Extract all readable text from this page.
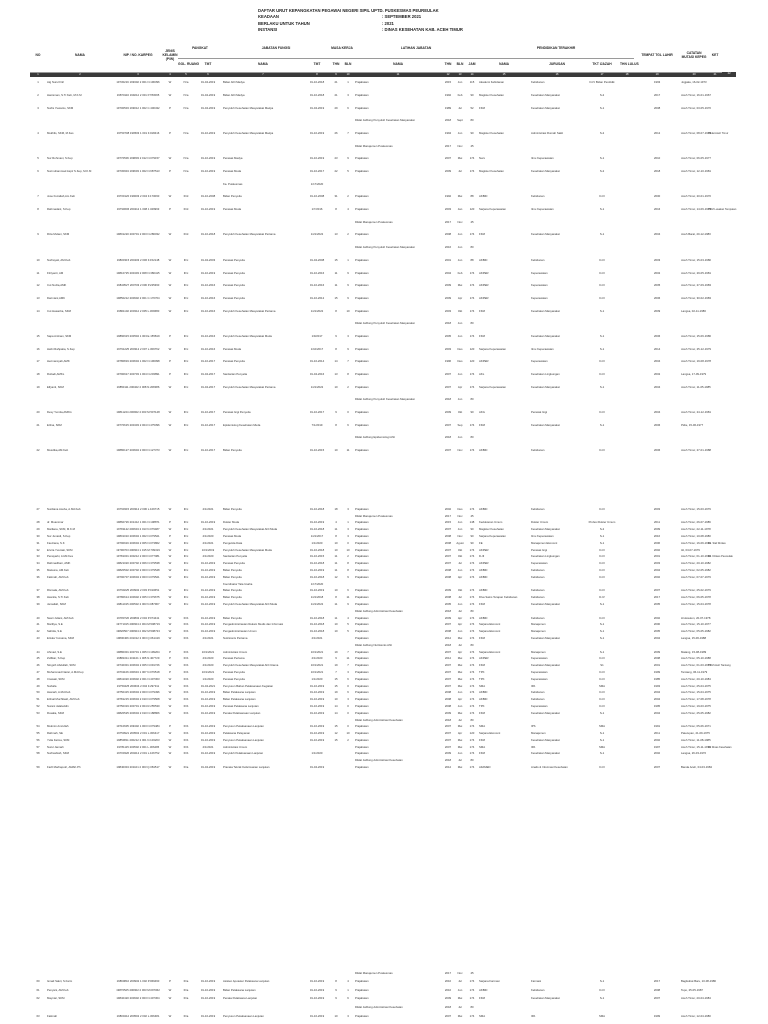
DAFTAR URUT KEPANGKATAN PEGAWAI NEGERI SIPIL UPTD. PUSKESMAS PEUREULAK
KEADAAN	: SEPTEMBER 2021
BERLAKU UNTUK TAHUN	: 2021
INSTANSI	: DINAS KESEHATAN KAB. ACEH TIMUR
NO	NAMA	NIP / NO. KARPEG	JENIS KELAMIN (P/W)	PANGKAT		JABATAN FUNGSI		MASA KERJA		LATIHAN JABATAN				PENDIDIKAN TERAKHIR				TEMPAT TGL LAHIR	CATATAN MUTASI KEPEG	KET	
				GOL. RUANG	TMT	NAMA	TMT	THN	BLN	NAMA	THN	BLN	JAM	NAMA	JURUSAN	TKT IJAZAH	THN LULUS				
1	2	3	4	5	6	7	8	9	10	11	12	13	14	15	16	17	18	19	20	21	22
1	Atg Nurul Fitri	19730216 199302 2 001 N.196396	W	IV/a	01-04-2019	Bidan Ahli Madya	01-10-2018	21	1	Prajabatan	2015	Jun	115	Akademi Kebidanan	Kebidanan	D-IV Bidan Pendidik		1993	Jogjaka, 16-02-1973		
2	Hanisman, S.Tr.Keb, M.K.M	19870116 199212 2 001 P.783095	W	IV/a	01-04-2019	Bidan Ahli Madya	01-10-2018	21	3	Prajabatan	1992	Feb	90	Magister Kesehatan	Kesehatan Masyarakat	S-2		2017	Aceh Timur, 16-01-1967		
3	Nurlis Yuwanto, SKM	19700503 199012 1 002 C.400432	P	IV/a	01-04-2019	Penyuluh Kesehatan Masyarakat Madya	01-04-2019	29	6	Prajabatan	1989	Jul	52	FKM	Kesehatan Masyarakat	S-1		2008	Aceh Timur, 03-05-1970		
										Diklat Jabfung Penyuluh Kesehatan Masyarakat	2018	Sept	80								
4	Mukhlis, SKM, M.Kes	19750708 199503 1 001 F.018416	P	IV/a	01-10-2019	Penyuluh Kesehatan Masyarakat Madya	01-10-2019	26	7	Prajabatan	1994	Jun	90	Magister Kesehatan	Administrasi Rumah Sakit	S-2		2012	Aceh Timur, 08-07-1975	Diklat Aceh Timur	
										Diklat Manajemen Puskesmas	2017	Nov	45								
5	Nur Rohmani, S.Kep	19770506 199803 2 012 N.079157	W	IV/a	01-10-2019	Perawat Madya	01-10-2019	23	9	Prajabatan	2007	Mei	174	Ners	Ilmu Keperawatan	S-1		2010	Aceh Timur, 06-05-1977		
6	Nurmuhammad Aspir S.Kep, M.K.M	19730904 199603 1 002 N.687513	P	IV/a	01-10-2019	Perawat Muda	01-10-2017	22	5	Prajabatan	2009	Jul	174	Magister Kesehatan	Kesehatan Masyarakat	S-2		2018	Aceh Timur, 12-10-1981		
						Ka. Puskesmas	1/17/2020														
7	Jose Fuzailah,Am.Keb	19700120 199003 2 004 F.170060	W	III/d	01-10-2008	Bidan Penyelia	01-10-2008	31	2	Prajabatan	1992	Mei	88	AKBID	Kebidanan	D-III		2000	Aceh Timur, 20-01-1970		
8	Rahmadani, S.Kep	19790606 200212 1 008 J.349963	P	III/d	01-10-2019	Perawat Muda	1/7/2016	8	4	Prajabatan	2003	Jan	120	Sarjana Keperawatan	Ilmu Keperawatan	S-1		2016	Aceh Timur, 14-06-1979	PKM Lusakan Tempatan	
										Diklat Manajemen Puskesmas	2017	Nov	45								
9	Riza Mulani, SKM	19801220 200701 2 003 N.286032	W	III/d	01-10-2018	Penyuluh Kesehatan Masyarakat Pertama	1/21/2022	13	2	Prajabatan	2008	Jun	174	FKM	Kesehatan Masyarakat	S-1		2004	Aceh Barat, 20-12-1980		
										Diklat Jabfung Penyuluh Kesehatan Masyarakat	2016	Jun	80								
10	Nurhayati, AM.Keb	19800315 200203 2 006 F.152148	W	III/c	01-04-2003	Perawat Penyelia	01-04-2008	15	1	Prajabatan	2001	Jun	88	AKBID	Kebidanan	D-III		2003	Aceh Timur, 15-03-1980		
11	Fitriyanti, AM	19810725 200403 2 008 N.380415	W	III/c	01-10-2019	Perawat Penyelia	01-10-2016	11	9	Prajabatan	2004	Feb	174	AKPER	Keperawatan	D-III		2002	Aceh Timur, 29-05-1981		
12	Cut Nurlia,AMK	19840527 200703 2 006 P.225360	W	III/c	01-10-2016	Perawat Penyelia	01-10-2016	11	9	Prajabatan	2009	Mei	174	AKPER	Keperawatan	D-III		2005	Aceh Timur, 27-09-1983		
13	Darmiani,AMK	19850212 200902 2 001 C.170704	W	III/c	01-10-2016	Perawat Penyelia	01-10-2012	15	9	Prajabatan	2009	Apr	174	AKPER	Keperawatan	D-III		2006	Aceh Timur, 30-02-1983		
14	Cut Hasanba, SKM	19861102 200312 2 005 L.309680	W	III/c	01-10-2016	Penyuluh Kesehatan Masyarakat Pertama	1/21/2022	8	10	Prajabatan	2003	Okt	174	FKM	Kesehatan Masyarakat	S-1		2009	Langsa, 02-11-1986		
										Diklat Jabfung Penyuluh Kesehatan Masyarakat	2018	Jun	80								
15	Sapa Antinan, SKM	19860615 200502 1 003 E.155819	P	III/c	01-10-2016	Penyuluh Kesehatan Masyarakat Muda	1/9/2017	9	3	Prajabatan	2005	Jun	174	FKM	Kesehatan Masyarakat	S-1		2006	Aceh Timur, 15-06-1986		
16	Hafni Rahpatia, S.Kep	19791225 200312 2 007 L.309762	W	III/c	01-10-2016	Perawat Muda	1/10/2017	8	9	Prajabatan	2003	Des	120	Sarjana Keperawatan	Ilmu Keperawatan	S-1		2014	Aceh Timur, 25-12-1979		
17	Hermansyah,AMK	19780819 200604 1 002 N.196098	P	III/c	01-10-2017	Perawat Penyelia	01-10-2014	14	7	Prajabatan	1996	Des	120	AKPER	Keperawatan	D-III		2004	Aceh Timur, 19-08-1978		
18	Rohadi,AMKL	19790917 200703 1 004 N.203891	P	III/c	01-04-2017	Sanitarian Penyelia	01-04-2016	13	8	Prajabatan	2007	Jun	174	AKL	Kesehatan Lingkungan	D-III		2002	Langsa, 17-09-1979		
19	Elfyanti, SKM	19850111 200402 2 008 N.208386	W	III/c	01-04-2017	Penyuluh Kesehatan Masyarakat Pertama	1/21/2022	10	2	Prajabatan	2007	Apr	174	Sarjana Keperawatan	Kesehatan Masyarakat	S-1		2004	Aceh Timur, 11-05-1985		
										Diklat Jabfung Penyuluh Kesehatan Masyarakat	2018	Jun	80								
20	Desy Yumita,AMKG	19811224 200902 2 003 M.507148	W	III/c	01-10-2017	Perawat Gigi Penyelia	01-10-2017	9	0	Prajabatan	2009	Okt	90	AKG	Perawat Gigi	D-III		2004	Aceh Timur, 24-12-1981		
21	Erlina, SKM	19770615 200403 2 004 N.475396	W	III/c	01-10-2017	Epidemiolog Kesehatan Muda	7/1/2019	8	6	Prajabatan	2007	Sep	174	FKM	Kesehatan Masyarakat	S-1		2006	Pidie, 15-06-1977		
										Diklat Jabfung Epidemiologi Ahli	2018	Jun	80								
22	Musdika,AM.Keb	19880127 200904 2 003 N.127373	W	III/c	01-10-2017	Bidan Penyelia	01-10-2015	10	11	Prajabatan	2007	Nov	174	AKBID	Kebidanan	D-III		2006	Aceh Timur, 27-01-1988		

27	Nurdiana Aceha, A.Md.Keb	19790315 200312 2 006 L.109715	W	III/c	4/1/2021	Bidan Penyelia	01-10-2018	18	3	Prajabatan	2002	Des	174	AKBID	Kebidanan	D-III		2003	Aceh Timur, 15-03-1979		
										Diklat Manajemen Puskesmas	2017	Nov	45								
28	dr. Muammar	19860726 201412 1 001 N.108871	P	III/c	01-10-2019	Dokter Muda	01-10-2019	4	1	Prajabatan	2015	Jun	148	Kedokteran Umum	Dokter Umum	Profesi Dokter Umum		2011	Aceh Timur, 26-07-1986		
29	Marliana, SKM, M.K.M	19781122 200604 2 013 N.079487	W	III/c	4/1/2021	Penyuluh Kesehatan Masyarakat Ahli Muda	01-10-2018	11	3	Prajabatan	2007	Jun	90	Magister Kesehatan	Kesehatan Masyarakat	S-2		2009	Aceh Timur, 22-11-1978		
30	Nur Junaidi, S.Kep	19801010 200604 1 002 N.079521	P	III/c	4/1/2020	Perawat Muda	1/21/2017	8	3	Prajabatan	2008	Nov	90	Sarjana Keperawatan	Ilmu Keperawatan	S-1		2016	Aceh Timur, 10-08-1980		
31	Fauziana, S.K	19790916 200604 2 005 N.073862	W	III/c	4/1/2021	Pengelola Data	1/1/2020	10	0	Prajabatan	2008	Agust	90	FE	Manajemen Ekonomi	S-1		2006	Aceh Timur, 16-09-1979	Ex. Staf Dinkes	
32	Ervira Yusniati, SKM	19790703 200604 1 015 M.709319	W	III/c	10/1/2019	Penyuluh Kesehatan Masyarakat Muda	01-10-2018	10	10	Prajabatan	2007	Okt	174	AKPER	Perawat Gigi	D-III		2002	Idi, 03-07-1979		
33	Penayarki, A.Md.Kes	19781001 200212 2 003 N.077081	W	III/c	4/1/2020	Sanitarian Penyelia	01-10-2015	11	2	Prajabatan	2007	Okt	174	D-III	Kesehatan Lingkungan	D-III		2001	Aceh Timur, 01-10-1978	Ex. Dinkes Peureulak	
34	Rahmadhani, AMK	19821020 200702 2 006 N.379538	W	III/c	01-10-2019	Perawat Penyelia	01-10-2018	11	8	Prajabatan	2007	Jul	174	AKPER	Keperawatan	D-III		2003	Aceh Timur, 20-10-1982		
35	Maisuna, AM.Keb	19820502 200702 2 003 N.379548	W	III/c	01-10-2019	Bidan Penyelia	01-10-2019	11	8	Prajabatan	2008	Jun	174	AKBID	Kebidanan	D-III		2004	Aceh Timur, 02-05-1982		
36	Fatimah, AM.Keb	19790707 200604 2 003 N.079521	W	III/c	01-10-2019	Bidan Penyelia	01-10-2018	12	9	Prajabatan	2008	Apr	174	AKBID	Kebidanan	D-III		2002	Aceh Timur, 07-07-1979		
						Koordinator Tata Usaha	1/17/2020														
37	Rismala, AM.Keb	19790225 200902 2 003 P.010651	W	III/c	01-10-2019	Bidan Penyelia	01-10-2019	10	6	Prajabatan	2009	Okt	174	AKBID	Kebidanan	D-III		2007	Aceh Timur, 25-02-1979		
38	Hasnita, S.Tr.Keb	19780614 200902 2 005 N.379675	W	III/c	01-10-2019	Bidan Penyelia	1/21/2018	8	11	Prajabatan	2008	Jul	174	Diva Sains Terapan Kebidanan	Kebidanan	D-IV		2017	Aceh Timur, 06-05-1978		
39	Jamaliah, SKM	19811015 200502 2 003 N.087967	W	III/c	01-10-2019	Penyuluh Kesehatan Masyarakat Ahli Muda	1/21/2022	11	9	Prajabatan	2005	Jun	174	FKM	Kesehatan Masyarakat	S-1		2005	Aceh Timur, 15-04-1978		
										Diklat Jabfung Administrasi Kesehatan	2018	Jul	80								
40	Nasri Juliani, AM.Keb	19780720 200802 2 004 P.074441	W	III/b	01-10-2019	Bidan Penyelia	01-10-2018	11	4	Prajabatan	2009	Apr	174	AKBID	Kebidanan	D-III		2002	Lhoksukon, 20-07-1978		
41	Mariliya, S.E	19771015 200604 2 004 M.508719	W	III/b	01-10-2019	Pengadministrasian Rekam Medis dan Informasi	01-10-2018	10	5	Prajabatan	2007	Apr	174	Sarjana Ekonomi	Manajemen	S-1		2000	Aceh Timur, 15-10-1977		
42	Safrida, S.E	19820507 200604 2 002 M.508723	W	III/b	01-10-2019	Pengadministrasian Umum	01-10-2018	10	5	Prajabatan	2008	Jun	174	Sarjana Ekonomi	Manajemen	S-1		2005	Aceh Timur, 05-05-1982		
43	Eriska Yumaina, SKM	19800406 201012 2 003 Q.061419	W	III/b	4/1/2021	Nutrisionis Pertama	4/1/2021			Prajabatan	2012	Mei	174	FKM	Kesehatan Masyarakat	S-1		2004	Langsa, 15-06-1988		
										Diklat Jabfung Nutrisionis Ahli	2018	Jul	80								
44	Ahmad, S.E	19880301 200701 1 005 N.199204	P	III/b	10/1/2021	Administrasi Umum	10/1/2021	19	7	Prajabatan	2007	Apr	174	Sarjana Ekonomi	Manajemen	S-1		2009	Matang, 15-08-1989		
45	Zulfikar, S.Kep	19881011 201101 1 005 N.407729	P	III/b	4/1/2020	Perawat Pertama	4/1/2020	9	11	Prajabatan	2012	Mei	174	AKPER	Keperawatan	D-III		2008	Aceh Timur, 05-10-1988		
46	Ningsih Abdullah, SKM	19740301 200604 2 005 N.091726	W	III/b	4/1/2020	Penyuluh Kesehatan Masyarakat Ahli Utama	10/1/2021	19	7	Prajabatan	2007	Mei	174	FKM	Kesehatan Masyarakat	S1		2001	Aceh Timur, 01-03-1974	PKM Aceh Tamiang	
47	Muhammad Nazar, A.Md.Kep	19791106 200604 1 007 N.079518	P	III/b	10/1/2021	Perawat Penyelia	10/1/2021	7	3	Prajabatan	2007	Mei	174	TPK	Keperawatan	D-III		1999	Tamiang, 06-11-1979		
48	Irnawati, SKM	19841020 200902 2 001 N.407303	W	III/b	1/1/2020	Perawat Penyelia	1/1/2020	15	6	Prajabatan	2007	Mei	174	TPK	Keperawatan	D-III		1985	Aceh Timur, 20-10-1984		
49	Nurlaila	19750425 200604 2 004 F.297311	W	III/b	01-04-2021	Penyusun Bahan Pelaksanaan Kegiatan	01-10-2019	15	0	Prajabatan	2007	Mei	174	SMA	IPA	SMA		1993	Aceh Timur, 25-04-1975		
50	Hasnah, A.Md.Keb	19750415 200604 2 003 N.079496	W	III/b	01-10-2019	Bidan Pelaksana Lanjutan	01-10-2019	19	6	Prajabatan	2008	Jun	174	AKBID	Kebidanan	D-III		2004	Aceh Timur, 15-04-1975		
51	Erlinal Muchlisah, AM.Keb	19781215 200604 2 010 N.079508	W	III/b	01-10-2019	Bidan Pelaksana Lanjutan	01-10-2019	10	3	Prajabatan	2008	Apr	174	AKBID	Kebidanan	D-III		2004	Aceh Timur, 17-08-1978		
52	Nurani Jalaluddin	19750319 200701 2 004 R.255530	W	III/b	01-10-2019	Perawat Pelaksana Lanjutan	01-10-2019	14	0	Prajabatan	2008	Jun	174	TPK	Keperawatan	D-III		1995	Aceh Timur, 19-03-1975		
53	Rosalia, SKM	19820525 200604 2 010 N.188806	W	III/b	01-10-2019	Penata Pelaksanaan Lanjutan	01-10-2019	14	0	Prajabatan	2009	Mei	174	FKM	Kesehatan Masyarakat	S-1		2004	Aceh Timur, 25-05-1982		
										Diklat Jabfung Administrasi Kesehatan	2018	Jul	80								
54	Mukmin Amrullah	19710605 199402 1 003 N.079484	P	III/b	01-10-2019	Penyusun Pelaksanaan Lanjutan	01-10-2019	15	0	Prajabatan	2007	Mei	174	SMA	IPS	SMA		1991	Aceh Timur, 05-06-1971		
55	Rahmah, SE	19750921 200502 2 001 L.306417	W	III/b	01-10-2019	Pelaksana Pelayanan	01-10-2019	12	10	Prajabatan	2007	Apr	120	Sarjana Ekonomi	Manajemen	S-1		2011	Paterupan, 21-09-1975		
56	Yulia Fatma, SKM	19850811 200212 2 001 N.103203	W	III/b	01-10-2019	Penyusun Pelaksanaan Lanjutan	01-10-2019	15	2	Prajabatan	2007	Mei	174	FKM	Kesehatan Masyarakat	S-1		2002	Aceh Timur, 11-08-1985		
57	Nurul Jannah	19781115 200502 2 001 L.306495	W	III/b	4/1/2021	Administrasi Umum				Prajabatan	2007	Mei	174	SMA	IPA	SMA		1997	Aceh Timur, 15-11-1978	Ex Dinas Kesehatan	
58	Nurhasbiah, SKM	19700326 200212 2 001 L.106752	W	III/b	01-10-2019	Penyuluh Pelaksanaan Lanjutan	1/1/2020			Prajabatan	2009	Jun	174	FKM	Kesehatan Masyarakat	S-1		2002	Langsa, 26-03-1970		
										Diklat Jabfung Administrasi Kesehatan	2018	Jul	80								
59	Fazil Marhaputri, AMAK.Ph	19840304 201101 2 003 Q.081517	W	III/a	01-04-2019	Pranata Teknik Kefarmasian Lanjutan	01-04-2019			Prajabatan	2012	Mei	174	AFAMED	Analis & Informasi Kesehatan	D-III		2007	Banda Aceh, 04-03-1984		
										Diklat Manajemen Puskesmas	2017	Nov	45								
60	Ismail Sakri, S.Farm	19860810 200902 1 002 P.069460	P	III/a	01-10-2019	Asisten Apoteker Pelaksana Lanjutan	01-10-2019	8	4	Prajabatan	2010	Jul	174	Sarjana Farmasi	Farmasi	S-1		2017	Bagikubat Baru, 10-08-1986		
61	Penyani, AM.Keb	19870525 200902 2 003 M.097062	W	III/a	01-10-2019	Bidan Pelaksana Lanjutan	01-10-2019	9	1	Prajabatan	2010	Jun	174	AKBID	Kebidanan	D-III		2008	Tepo, 25-05-1987		
62	Mayniar, SKM	19840420 200902 2 003 N.407304	W	III/a	01-10-2019	Penata Pelaksana Lanjutan	01-10-2019	9	6	Prajabatan	2009	Mei	174	FKM	Kesehatan Masyarakat	S-1		2007	Aceh Timur, 20-04-1984		
										Diklat Jabfung Administrasi Kesehatan	2018	Jul	80								
63	Fatimah	19800412 200502 2 002 L.306481	W	III/a	01-10-2019	Penyusun Pelaksanaan Lanjutan	01-10-2019	10	3	Prajabatan	2007	Mei	174	SMA	IPA	SMA		1999	Aceh Timur, 12-04-1980		
